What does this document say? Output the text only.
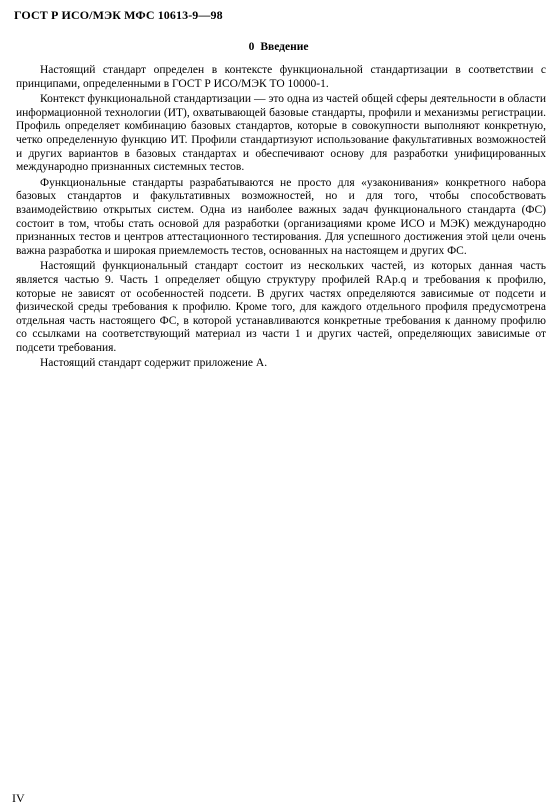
ГОСТ Р ИСО/МЭК МФС 10613-9—98
0 Введение

Настоящий стандарт определен в контексте функциональной стандартизации в соответствии с принципами, определенными в ГОСТ Р ИСО/МЭК ТО 10000-1.

Контекст функциональной стандартизации — это одна из частей общей сферы деятельности в области информационной технологии (ИТ), охватывающей базовые стандарты, профили и механизмы регистрации. Профиль определяет комбинацию базовых стандартов, которые в совокупности выполняют конкретную, четко определенную функцию ИТ. Профили стандартизуют использование факультативных возможностей и других вариантов в базовых стандартах и обеспечивают основу для разработки унифицированных международно признанных системных тестов.

Функциональные стандарты разрабатываются не просто для «узаконивания» конкретного набора базовых стандартов и факультативных возможностей, но и для того, чтобы способствовать взаимодействию открытых систем. Одна из наиболее важных задач функционального стандарта (ФС) состоит в том, чтобы стать основой для разработки (организациями кроме ИСО и МЭК) международно признанных тестов и центров аттестационного тестирования. Для успешного достижения этой цели очень важна разработка и широкая приемлемость тестов, основанных на настоящем и других ФС.

Настоящий функциональный стандарт состоит из нескольких частей, из которых данная часть является частью 9. Часть 1 определяет общую структуру профилей RAp.q и требования к профилю, которые не зависят от особенностей подсети. В других частях определяются зависимые от подсети и физической среды требования к профилю. Кроме того, для каждого отдельного профиля предусмотрена отдельная часть настоящего ФС, в которой устанавливаются конкретные требования к данному профилю со ссылками на соответствующий материал из части 1 и других частей, определяющих зависимые от подсети требования.

Настоящий стандарт содержит приложение А.

IV
